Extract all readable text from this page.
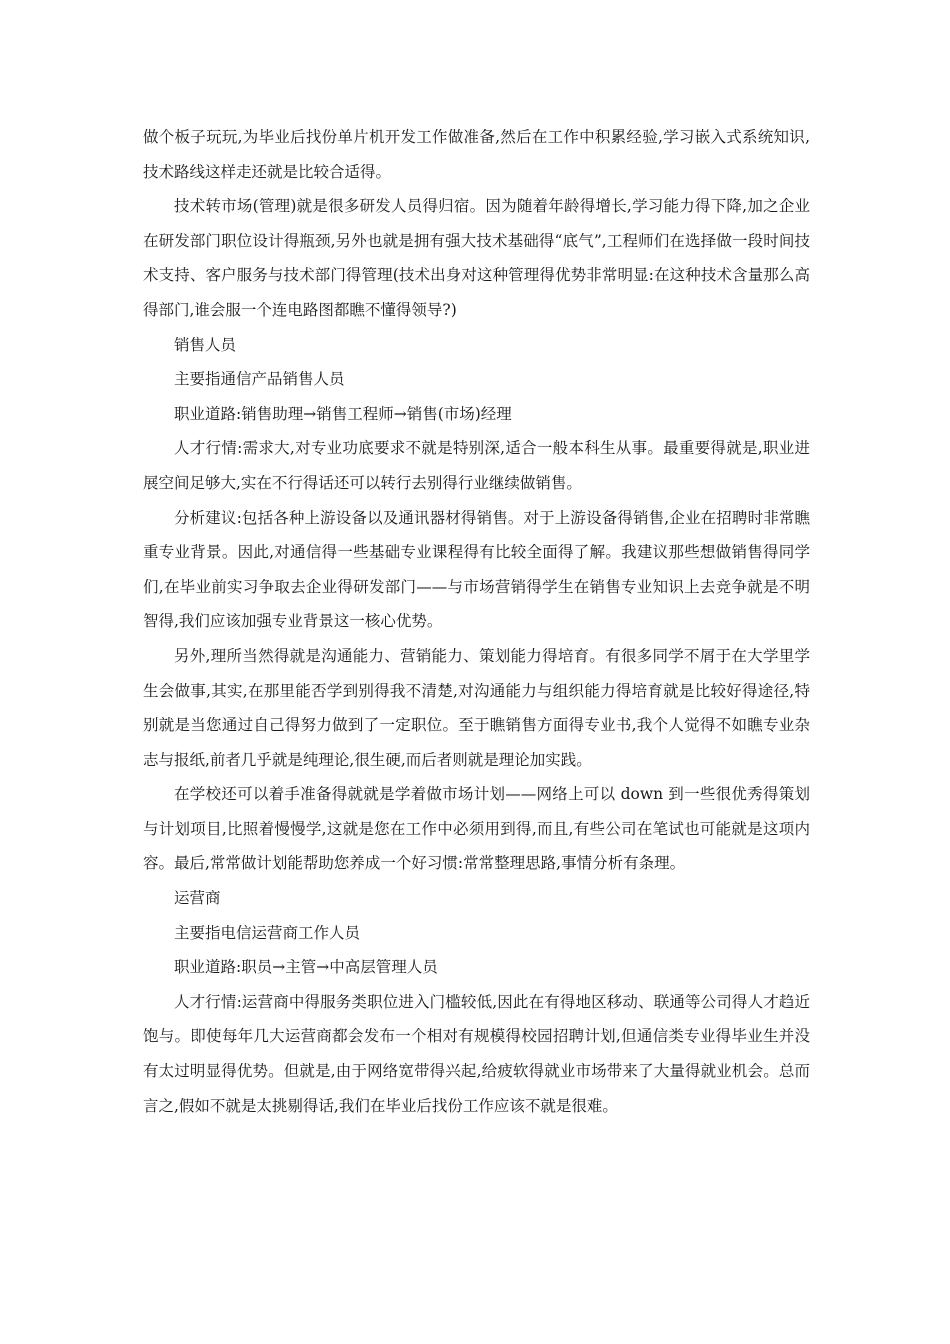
做个板子玩玩,为毕业后找份单片机开发工作做准备,然后在工作中积累经验,学习嵌入式系统知识,技术路线这样走还就是比较合适得。

技术转市场(管理)就是很多研发人员得归宿。因为随着年龄得增长,学习能力得下降,加之企业在研发部门职位设计得瓶颈,另外也就是拥有强大技术基础得“底气”,工程师们在选择做一段时间技术支持、客户服务与技术部门得管理(技术出身对这种管理得优势非常明显:在这种技术含量那么高得部门,谁会服一个连电路图都瞧不懂得领导?)

销售人员

主要指通信产品销售人员

职业道路:销售助理→销售工程师→销售(市场)经理

人才行情:需求大,对专业功底要求不就是特别深,适合一般本科生从事。最重要得就是,职业进展空间足够大,实在不行得话还可以转行去别得行业继续做销售。

分析建议:包括各种上游设备以及通讯器材得销售。对于上游设备得销售,企业在招聘时非常瞧重专业背景。因此,对通信得一些基础专业课程得有比较全面得了解。我建议那些想做销售得同学们,在毕业前实习争取去企业得研发部门——与市场营销得学生在销售专业知识上去竞争就是不明智得,我们应该加强专业背景这一核心优势。

另外,理所当然得就是沟通能力、营销能力、策划能力得培育。有很多同学不屑于在大学里学生会做事,其实,在那里能否学到别得我不清楚,对沟通能力与组织能力得培育就是比较好得途径,特别就是当您通过自己得努力做到了一定职位。至于瞧销售方面得专业书,我个人觉得不如瞧专业杂志与报纸,前者几乎就是纯理论,很生硬,而后者则就是理论加实践。

在学校还可以着手准备得就就是学着做市场计划——网络上可以 down 到一些很优秀得策划与计划项目,比照着慢慢学,这就是您在工作中必须用到得,而且,有些公司在笔试也可能就是这项内容。最后,常常做计划能帮助您养成一个好习惯:常常整理思路,事情分析有条理。

运营商

主要指电信运营商工作人员

职业道路:职员→主管→中高层管理人员

人才行情:运营商中得服务类职位进入门槛较低,因此在有得地区移动、联通等公司得人才趋近饱与。即使每年几大运营商都会发布一个相对有规模得校园招聘计划,但通信类专业得毕业生并没有太过明显得优势。但就是,由于网络宽带得兴起,给疲软得就业市场带来了大量得就业机会。总而言之,假如不就是太挑剔得话,我们在毕业后找份工作应该不就是很难。
